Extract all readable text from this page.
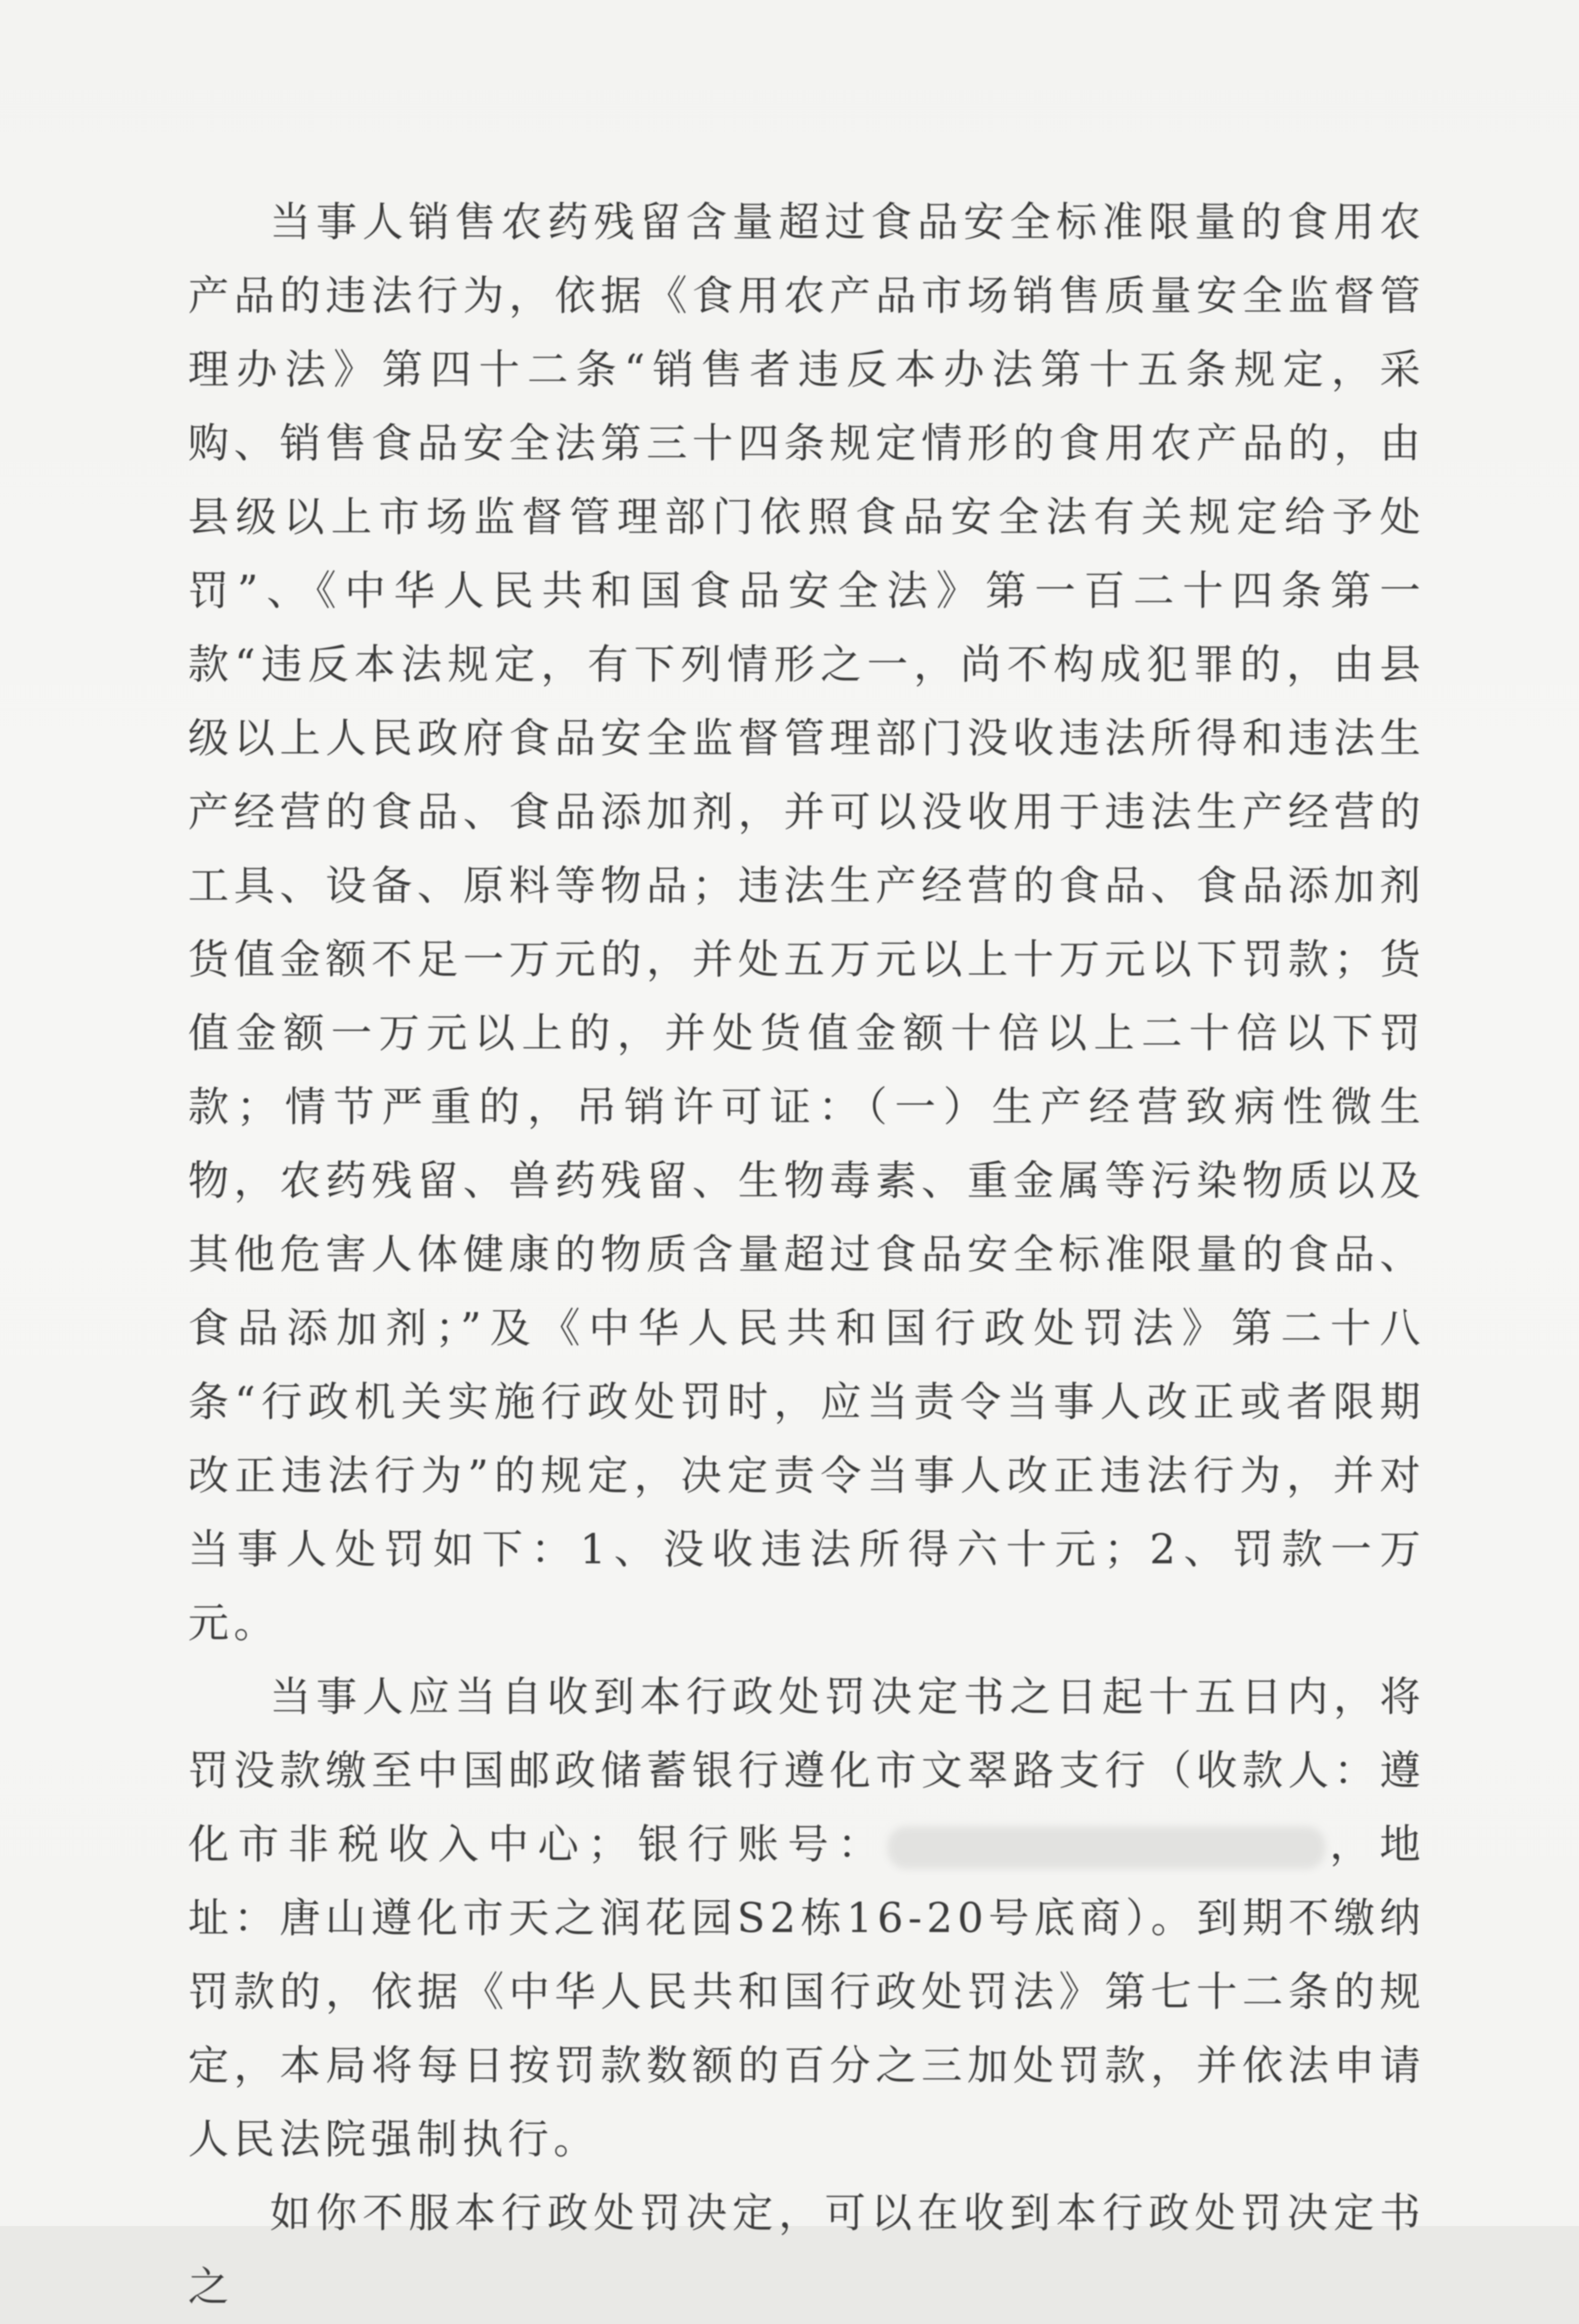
当事人销售农药残留含量超过食品安全标准限量的食用农产品的违法行为，依据《食用农产品市场销售质量安全监督管理办法》第四十二条“销售者违反本办法第十五条规定，采购、销售食品安全法第三十四条规定情形的食用农产品的，由县级以上市场监督管理部门依照食品安全法有关规定给予处罚”、《中华人民共和国食品安全法》第一百二十四条第一款“违反本法规定，有下列情形之一，尚不构成犯罪的，由县级以上人民政府食品安全监督管理部门没收违法所得和违法生产经营的食品、食品添加剂，并可以没收用于违法生产经营的工具、设备、原料等物品；违法生产经营的食品、食品添加剂货值金额不足一万元的，并处五万元以上十万元以下罚款；货值金额一万元以上的，并处货值金额十倍以上二十倍以下罚款；情节严重的，吊销许可证：（一）生产经营致病性微生物，农药残留、兽药残留、生物毒素、重金属等污染物质以及其他危害人体健康的物质含量超过食品安全标准限量的食品、食品添加剂；”及《中华人民共和国行政处罚法》第二十八条“行政机关实施行政处罚时，应当责令当事人改正或者限期改正违法行为”的规定，决定责令当事人改正违法行为，并对当事人处罚如下：1、没收违法所得六十元；2、罚款一万元。

当事人应当自收到本行政处罚决定书之日起十五日内，将罚没款缴至中国邮政储蓄银行遵化市文翠路支行（收款人：遵化市非税收入中心；银行账号：	，地址：唐山遵化市天之润花园S2栋16-20号底商）。到期不缴纳罚款的，依据《中华人民共和国行政处罚法》第七十二条的规定，本局将每日按罚款数额的百分之三加处罚款，并依法申请人民法院强制执行。

如你不服本行政处罚决定，可以在收到本行政处罚决定书之
